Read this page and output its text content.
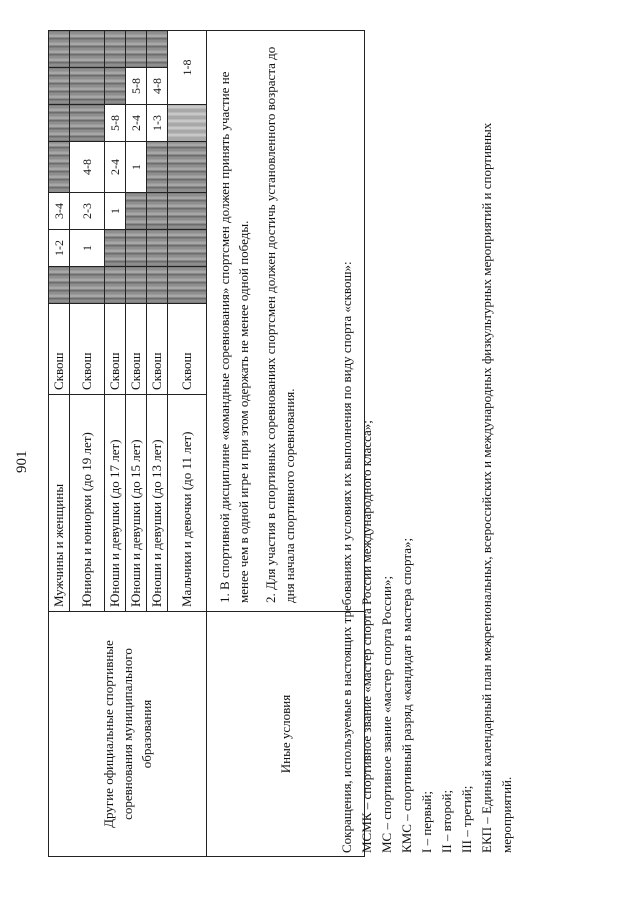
901
Другие официальные спортивные соревнования муниципального образования	Мужчины и женщины	Сквош		1-2	3-4				
	Юниоры и юниорки (до 19 лет)	Сквош		1	2-3	4-8			
	Юноши и девушки (до 17 лет)	Сквош			1	2-4	5-8		
	Юноши и девушки (до 15 лет)	Сквош				1	2-4	5-8	
	Юноши и девушки (до 13 лет)	Сквош					1-3	4-8	
	Мальчики и девочки (до 11 лет)	Сквош						1-8	
Иные условия	1. В спортивной дисциплине «командные соревнования» спортсмен должен принять участие не менее чем в одной игре и при этом одержать не менее одной победы. 2. Для участия в спортивных соревнованиях спортсмен должен достичь установленного возраста до дня начала спортивного соревнования.									Сокращения, используемые в настоящих требованиях и условиях их выполнения по виду спорта «сквош»: МСМК – спортивное звание «мастер спорта России международного класса»; МС – спортивное звание «мастер спорта России»; КМС – спортивный разряд «кандидат в мастера спорта»; I – первый; II – второй; III – третий; ЕКП – Единый календарный план межрегиональных, всероссийских и международных физкультурных мероприятий и спортивных мероприятий.
